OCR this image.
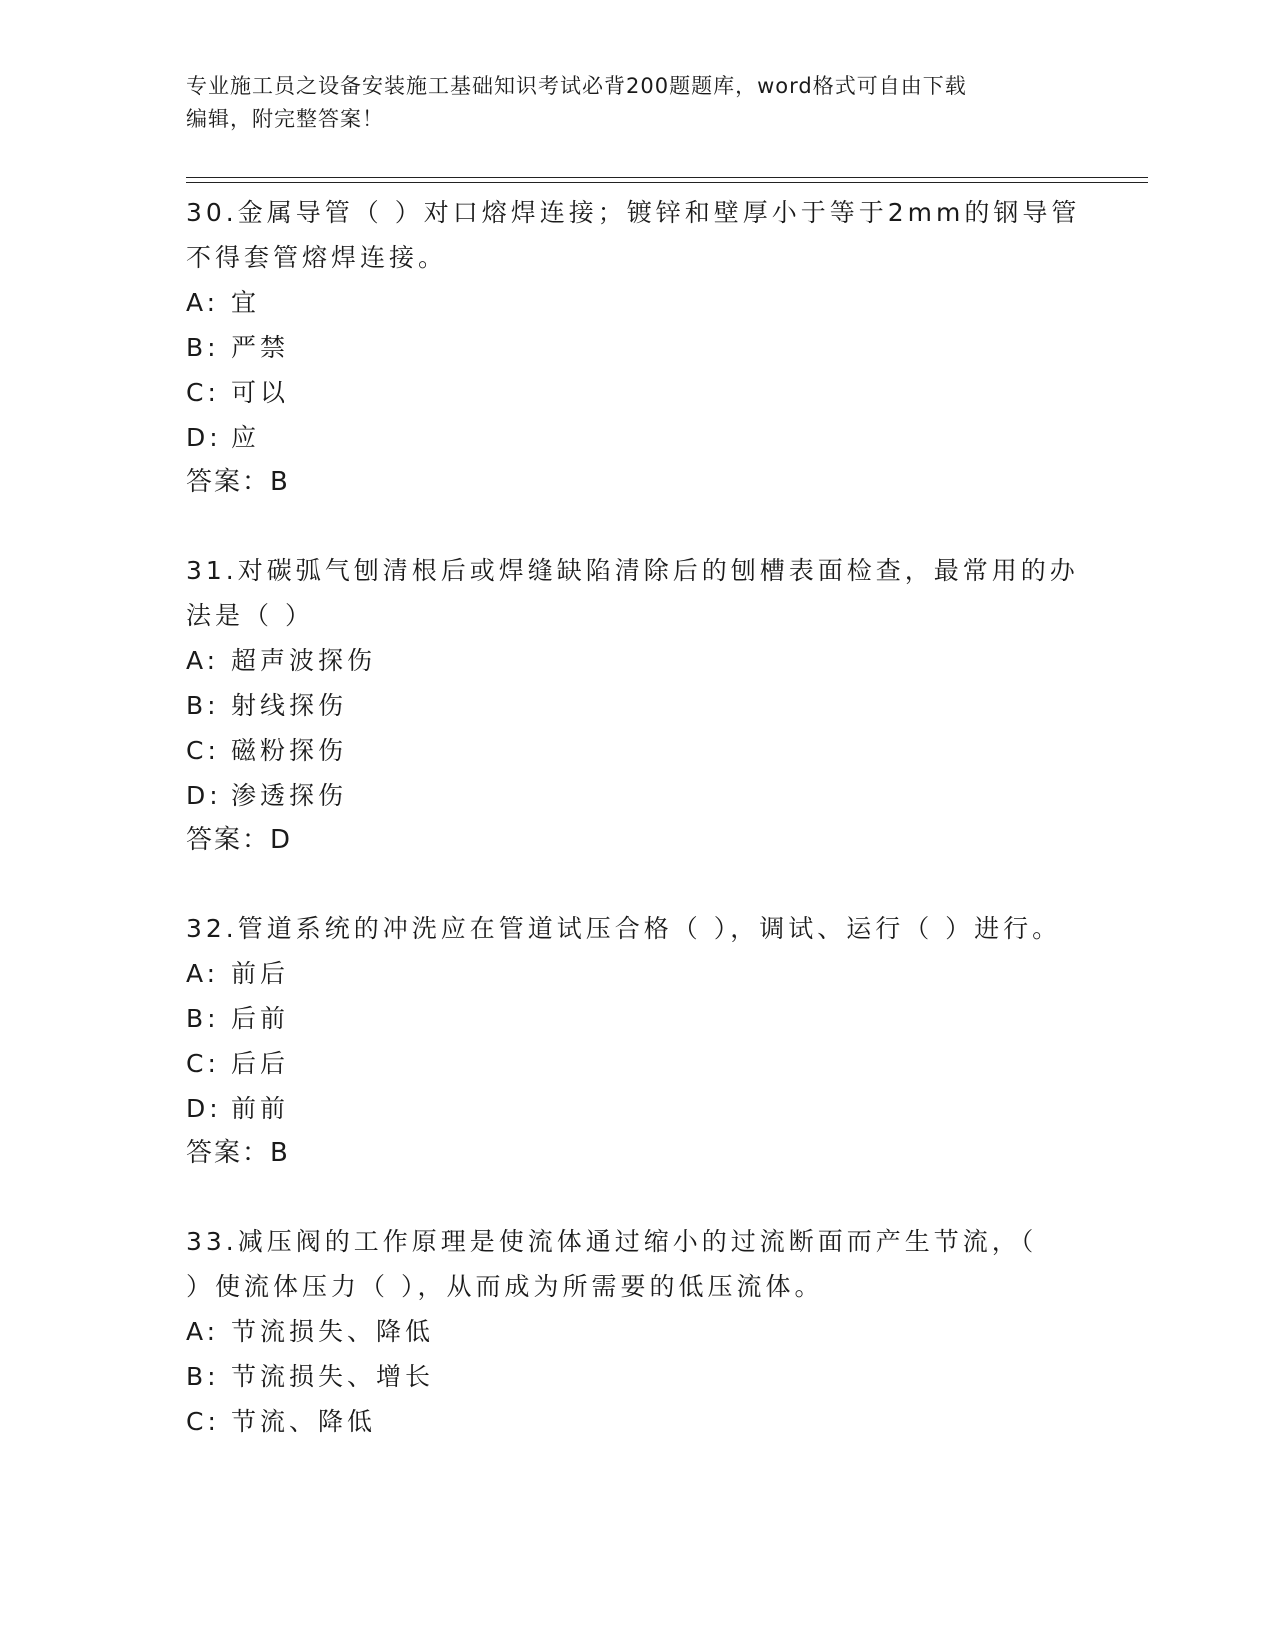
专业施工员之设备安装施工基础知识考试必背200题题库，word格式可自由下载
编辑，附完整答案！

30.金属导管（ ）对口熔焊连接；镀锌和壁厚小于等于2mm的钢导管

不得套管熔焊连接。

A: 宜

B: 严禁

C: 可以

D: 应

答案：B

31.对碳弧气刨清根后或焊缝缺陷清除后的刨槽表面检查，最常用的办

法是（ ）

A: 超声波探伤

B: 射线探伤

C: 磁粉探伤

D: 渗透探伤

答案：D

32.管道系统的冲洗应在管道试压合格（ ），调试、运行（ ）进行。

A: 前后

B: 后前

C: 后后

D: 前前

答案：B

33.减压阀的工作原理是使流体通过缩小的过流断面而产生节流，（

）使流体压力（ ），从而成为所需要的低压流体。

A: 节流损失、降低

B: 节流损失、增长

C: 节流、降低
